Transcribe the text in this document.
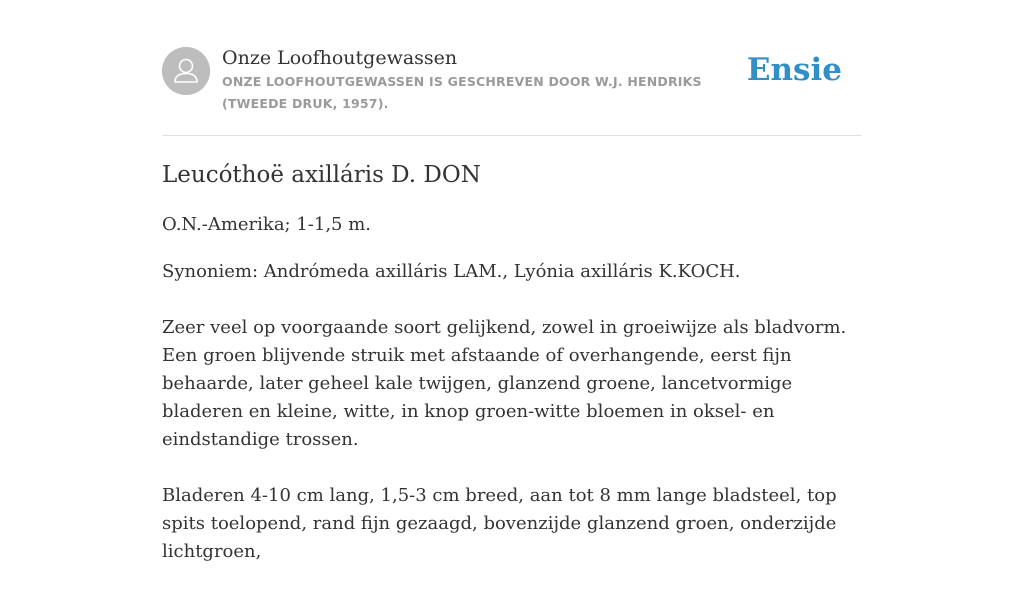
Onze Loofhoutgewassen
ONZE LOOFHOUTGEWASSEN IS GESCHREVEN DOOR W.J. HENDRIKS (TWEEDE DRUK, 1957).
Ensie
Leucóthoë axilláris D. DON

O.N.-Amerika; 1-1,5 m.

Synoniem: Andrómeda axilláris LAM., Lyónia axilláris K.KOCH.

Zeer veel op voorgaande soort gelijkend, zowel in groeiwijze als bladvorm. Een groen blijvende struik met afstaande of overhangende, eerst fijn behaarde, later geheel kale twijgen, glanzend groene, lancetvormige bladeren en kleine, witte, in knop groen-witte bloemen in oksel- en eindstandige trossen.

Bladeren 4-10 cm lang, 1,5-3 cm breed, aan tot 8 mm lange bladsteel, top spits toelopend, rand fijn gezaagd, bovenzijde glanzend groen, onderzijde lichtgroen,
